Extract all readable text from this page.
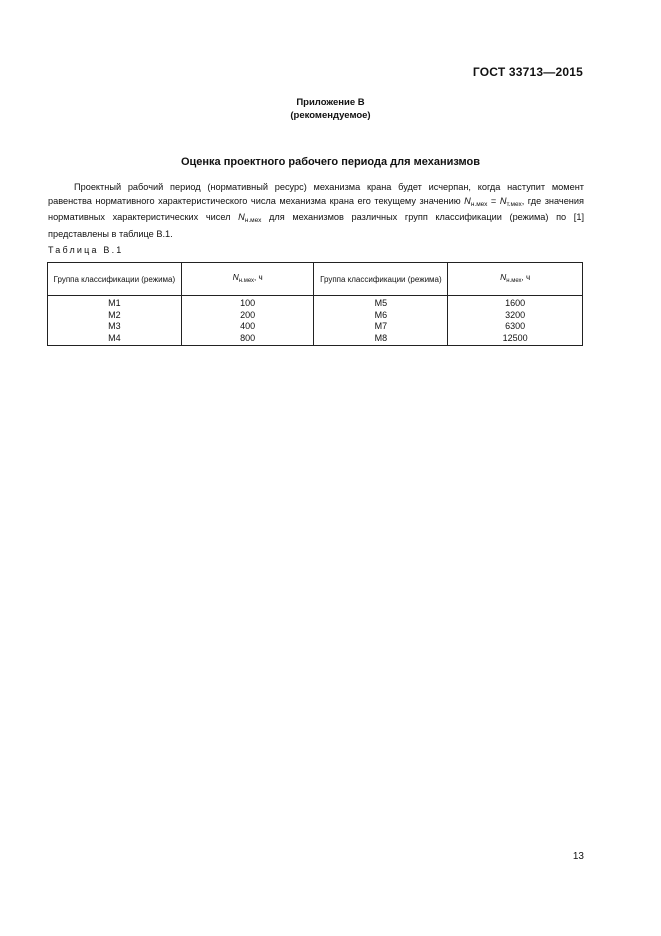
ГОСТ 33713—2015
Приложение В
(рекомендуемое)
Оценка проектного рабочего периода для механизмов
Проектный рабочий период (нормативный ресурс) механизма крана будет исчерпан, когда наступит момент равенства нормативного характеристического числа механизма крана его текущему значению $N_{н.мех} = N_{т.мех}$, где значения нормативных характеристических чисел $N_{н.мех}$ для механизмов различных групп классификации (режима) по [1] представлены в таблице В.1.
Таблица В.1
Группа классификации (режима)	$N_{н.мех}$, ч	Группа классификации (режима)	$N_{н.мех}$, ч
М1	100	М5	1600
М2	200	М6	3200
М3	400	М7	6300
М4	800	М8	12500
13
